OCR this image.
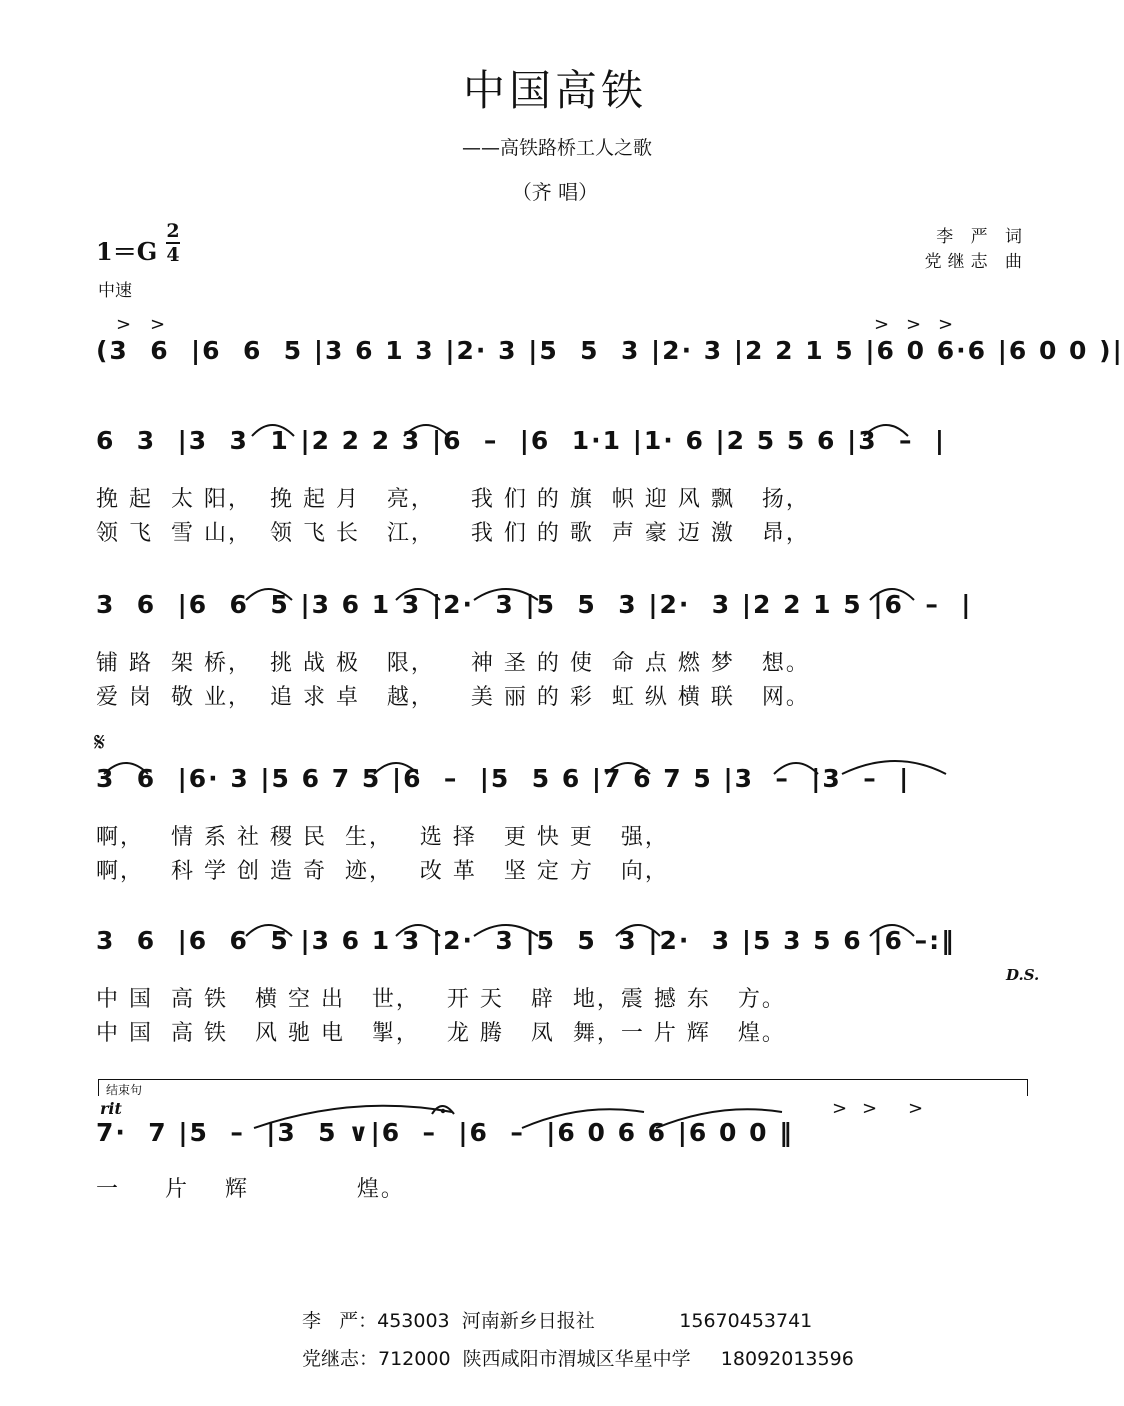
中国高铁
——高铁路桥工人之歌
（齐 唱）
1＝G
2
4
中速
李 严 词
党继志 曲
> >	> > >
(3  6  |6  6  5 |3 6 1 3 |2· 3 |5  5  3 |2· 3 |2 2 1 5 |6 0 6·6 |6 0 0 )|
6  3  |3  3  1 |2 2 2 3 |6  –  |6  1·1 |1· 6 |2 5 5 6 |3  –  |
挽 起  太 阳，  挽 起 月   亮，    我 们 的 旗  帜 迎 风 飘   扬，
领 飞  雪 山，  领 飞 长   江，    我 们 的 歌  声 豪 迈 激   昂，
3  6  |6  6  5 |3 6 1 3 |2·  3 |5  5  3 |2·  3 |2 2 1 5 |6  –  |
铺 路  架 桥，  挑 战 极   限，    神 圣 的 使  命 点 燃 梦   想。
爱 岗  敬 业，  追 求 卓   越，    美 丽 的 彩  虹 纵 横 联   网。
𝄋
3  6  |6· 3 |5 6 7 5 |6  –  |5  5 6 |7 6 7 5 |3  –  |3  –  |
啊，   情 系 社 稷 民  生，   选 择   更 快 更   强，
啊，   科 学 创 造 奇  迹，   改 革   坚 定 方   向，
3  6  |6  6  5 |3 6 1 3 |2·  3 |5  5  3 |2·  3 |5 3 5 6 |6 –:‖
D.S.
中 国  高 铁   横 空 出   世，   开 天   辟  地，震 撼 东   方。
中 国  高 铁   风 驰 电   掣，   龙 腾   凤  舞，一 片 辉   煌。
结束句
rit	> > >
7·  7 |5  –  |3  5 ∨|6  –  |6  –  |6 0 6 6 |6 0 0 ‖
一     片    辉            煌。
李   严：453003  河南新乡日报社              15670453741
党继志：712000  陕西咸阳市渭城区华星中学     18092013596
